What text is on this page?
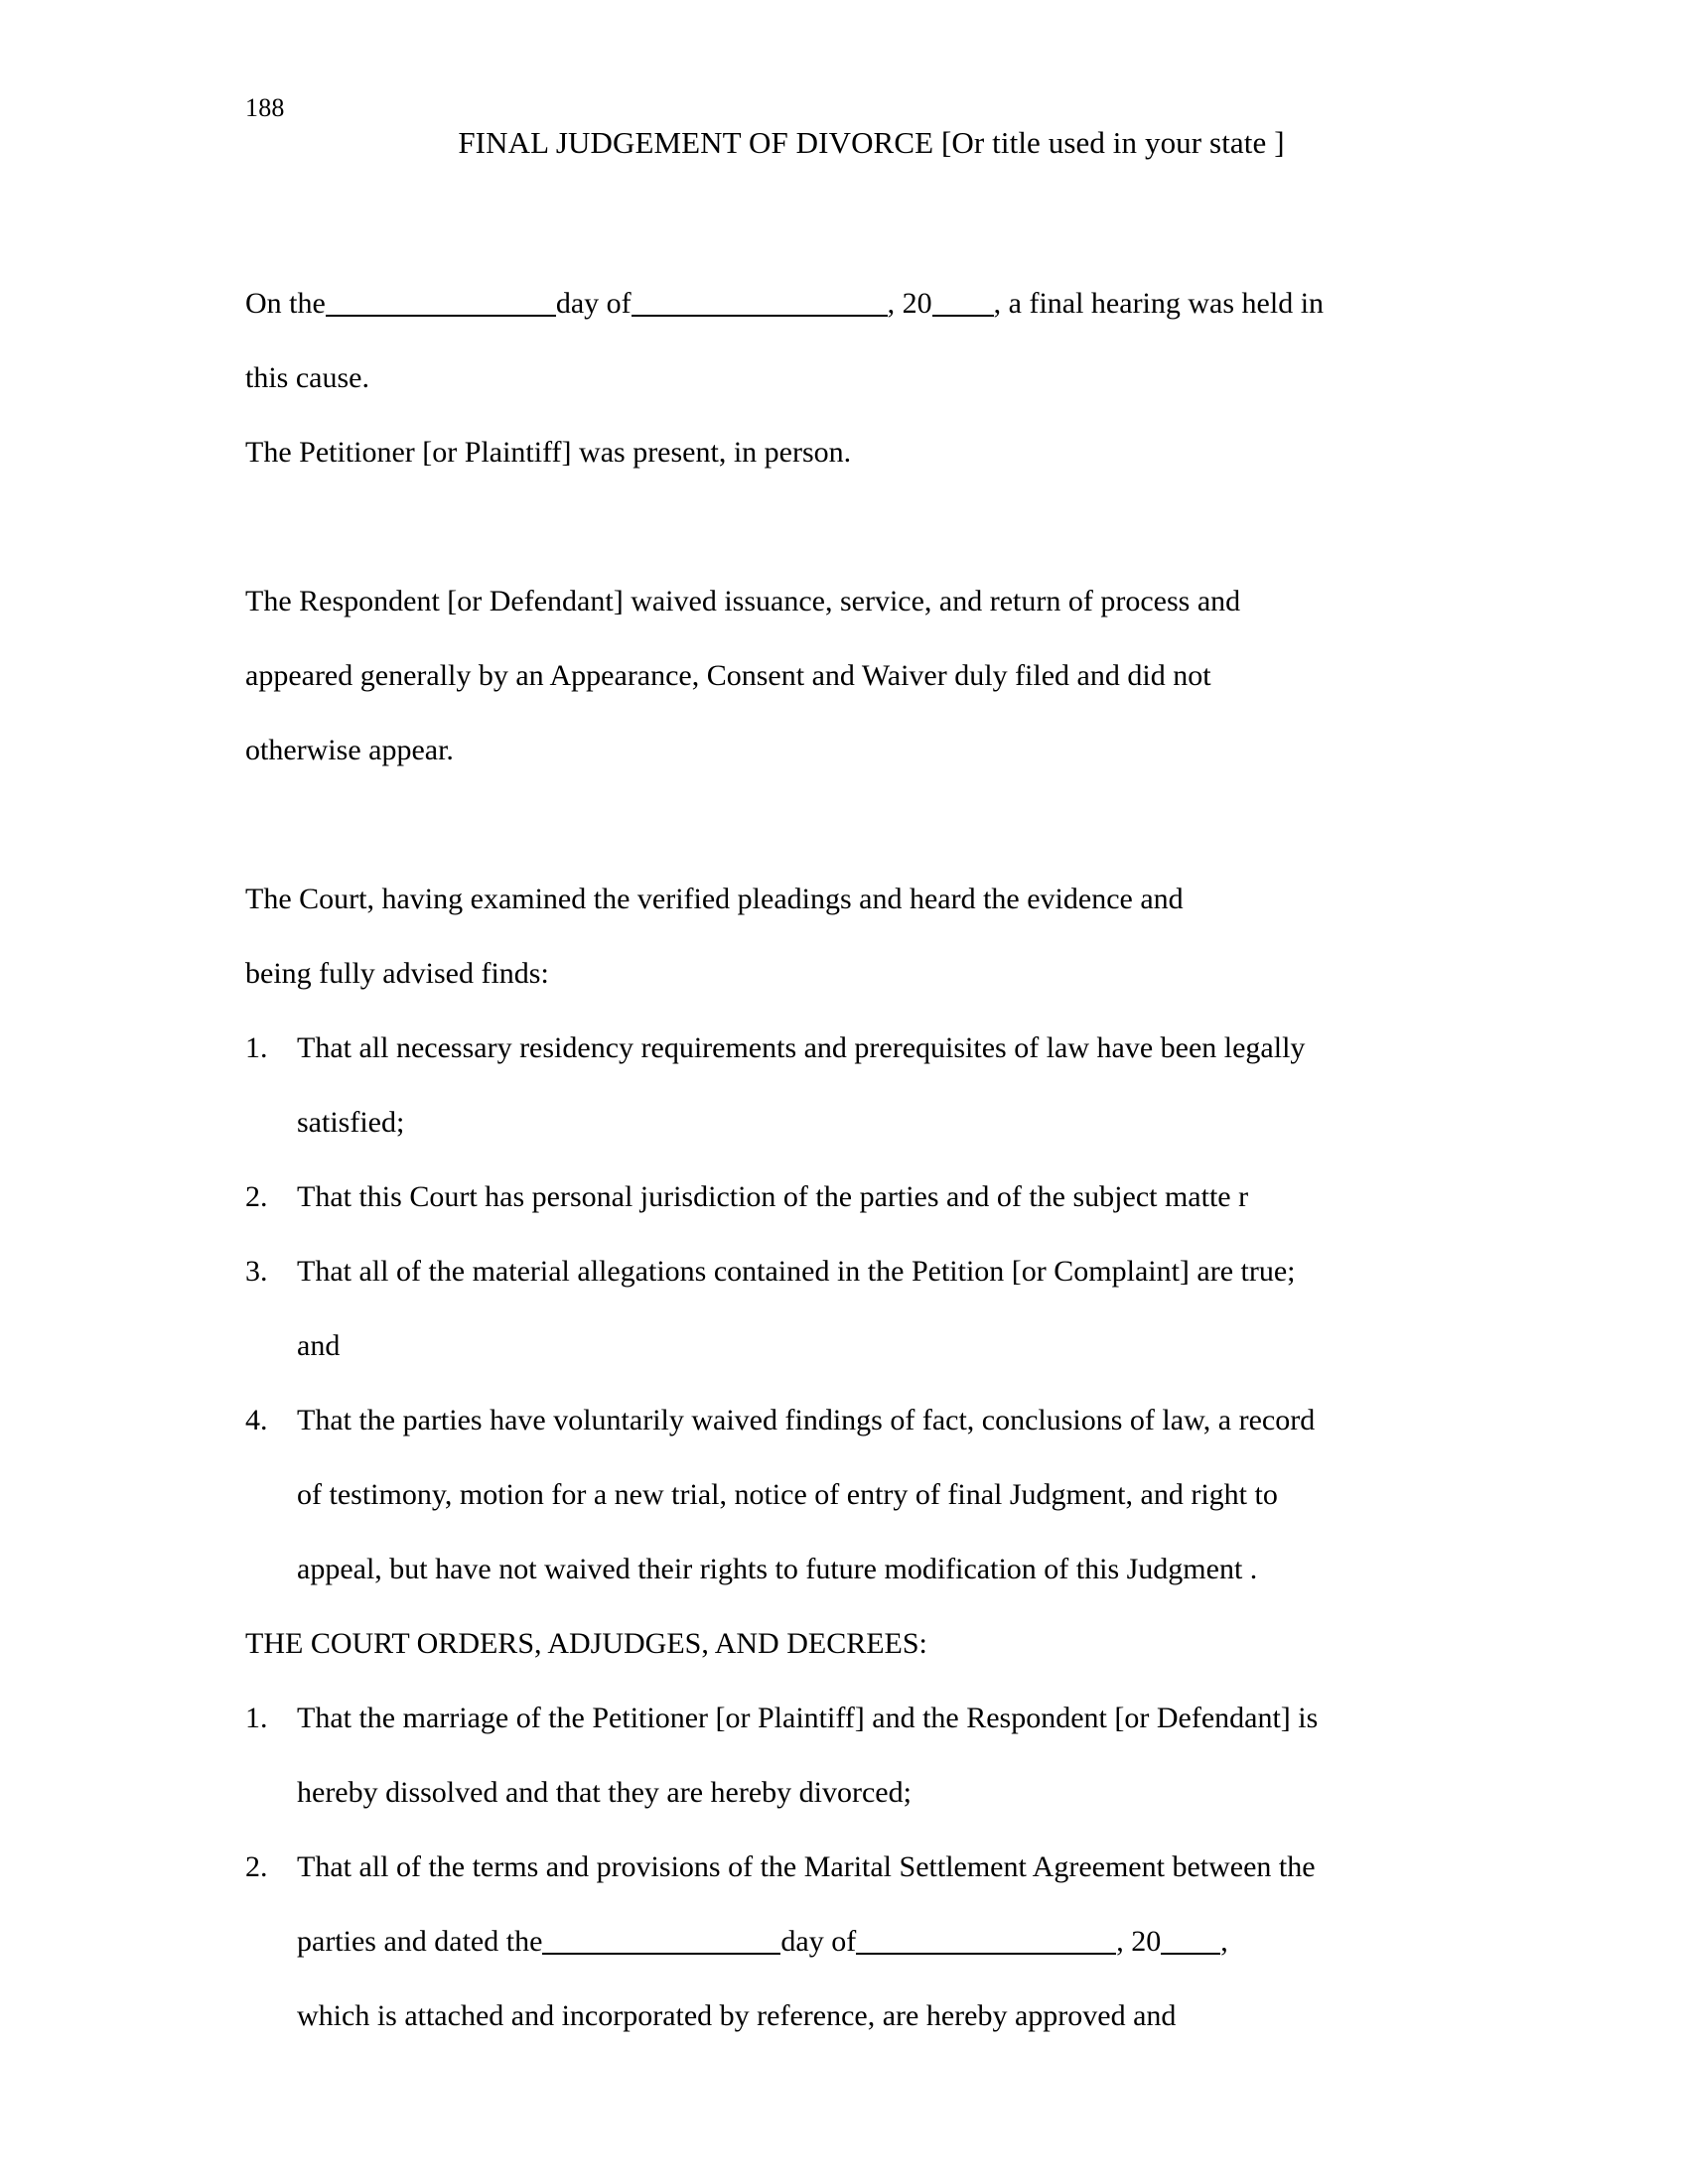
188
FINAL JUDGEMENT OF DIVORCE [Or title used in your state ]

On the	day of	, 20 , a final hearing was held in

this cause.

The Petitioner [or Plaintiff] was present, in person.

The Respondent [or Defendant] waived issuance, service, and return of process and

appeared generally by an Appearance, Consent and Waiver duly filed and did not

otherwise appear.

The Court, having examined the verified pleadings and heard the evidence and

being fully advised finds:

1. That all necessary residency requirements and prerequisites of law have been legally
satisfied;
2. That this Court has personal jurisdiction of the parties and of the subject matte r
3. That all of the material allegations contained in the Petition [or Complaint] are true;
and
4. That the parties have voluntarily waived findings of fact, conclusions of law, a record
of testimony, motion for a new trial, notice of entry of final Judgment, and right to
appeal, but have not waived their rights to future modification of this Judgment .

THE COURT ORDERS, ADJUDGES, AND DECREES:

1. That the marriage of the Petitioner [or Plaintiff] and the Respondent [or Defendant] is
hereby dissolved and that they are hereby divorced;
2. That all of the terms and provisions of the Marital Settlement Agreement between the
parties and dated the	day of	, 20 ,
which is attached and incorporated by reference, are hereby approved and
